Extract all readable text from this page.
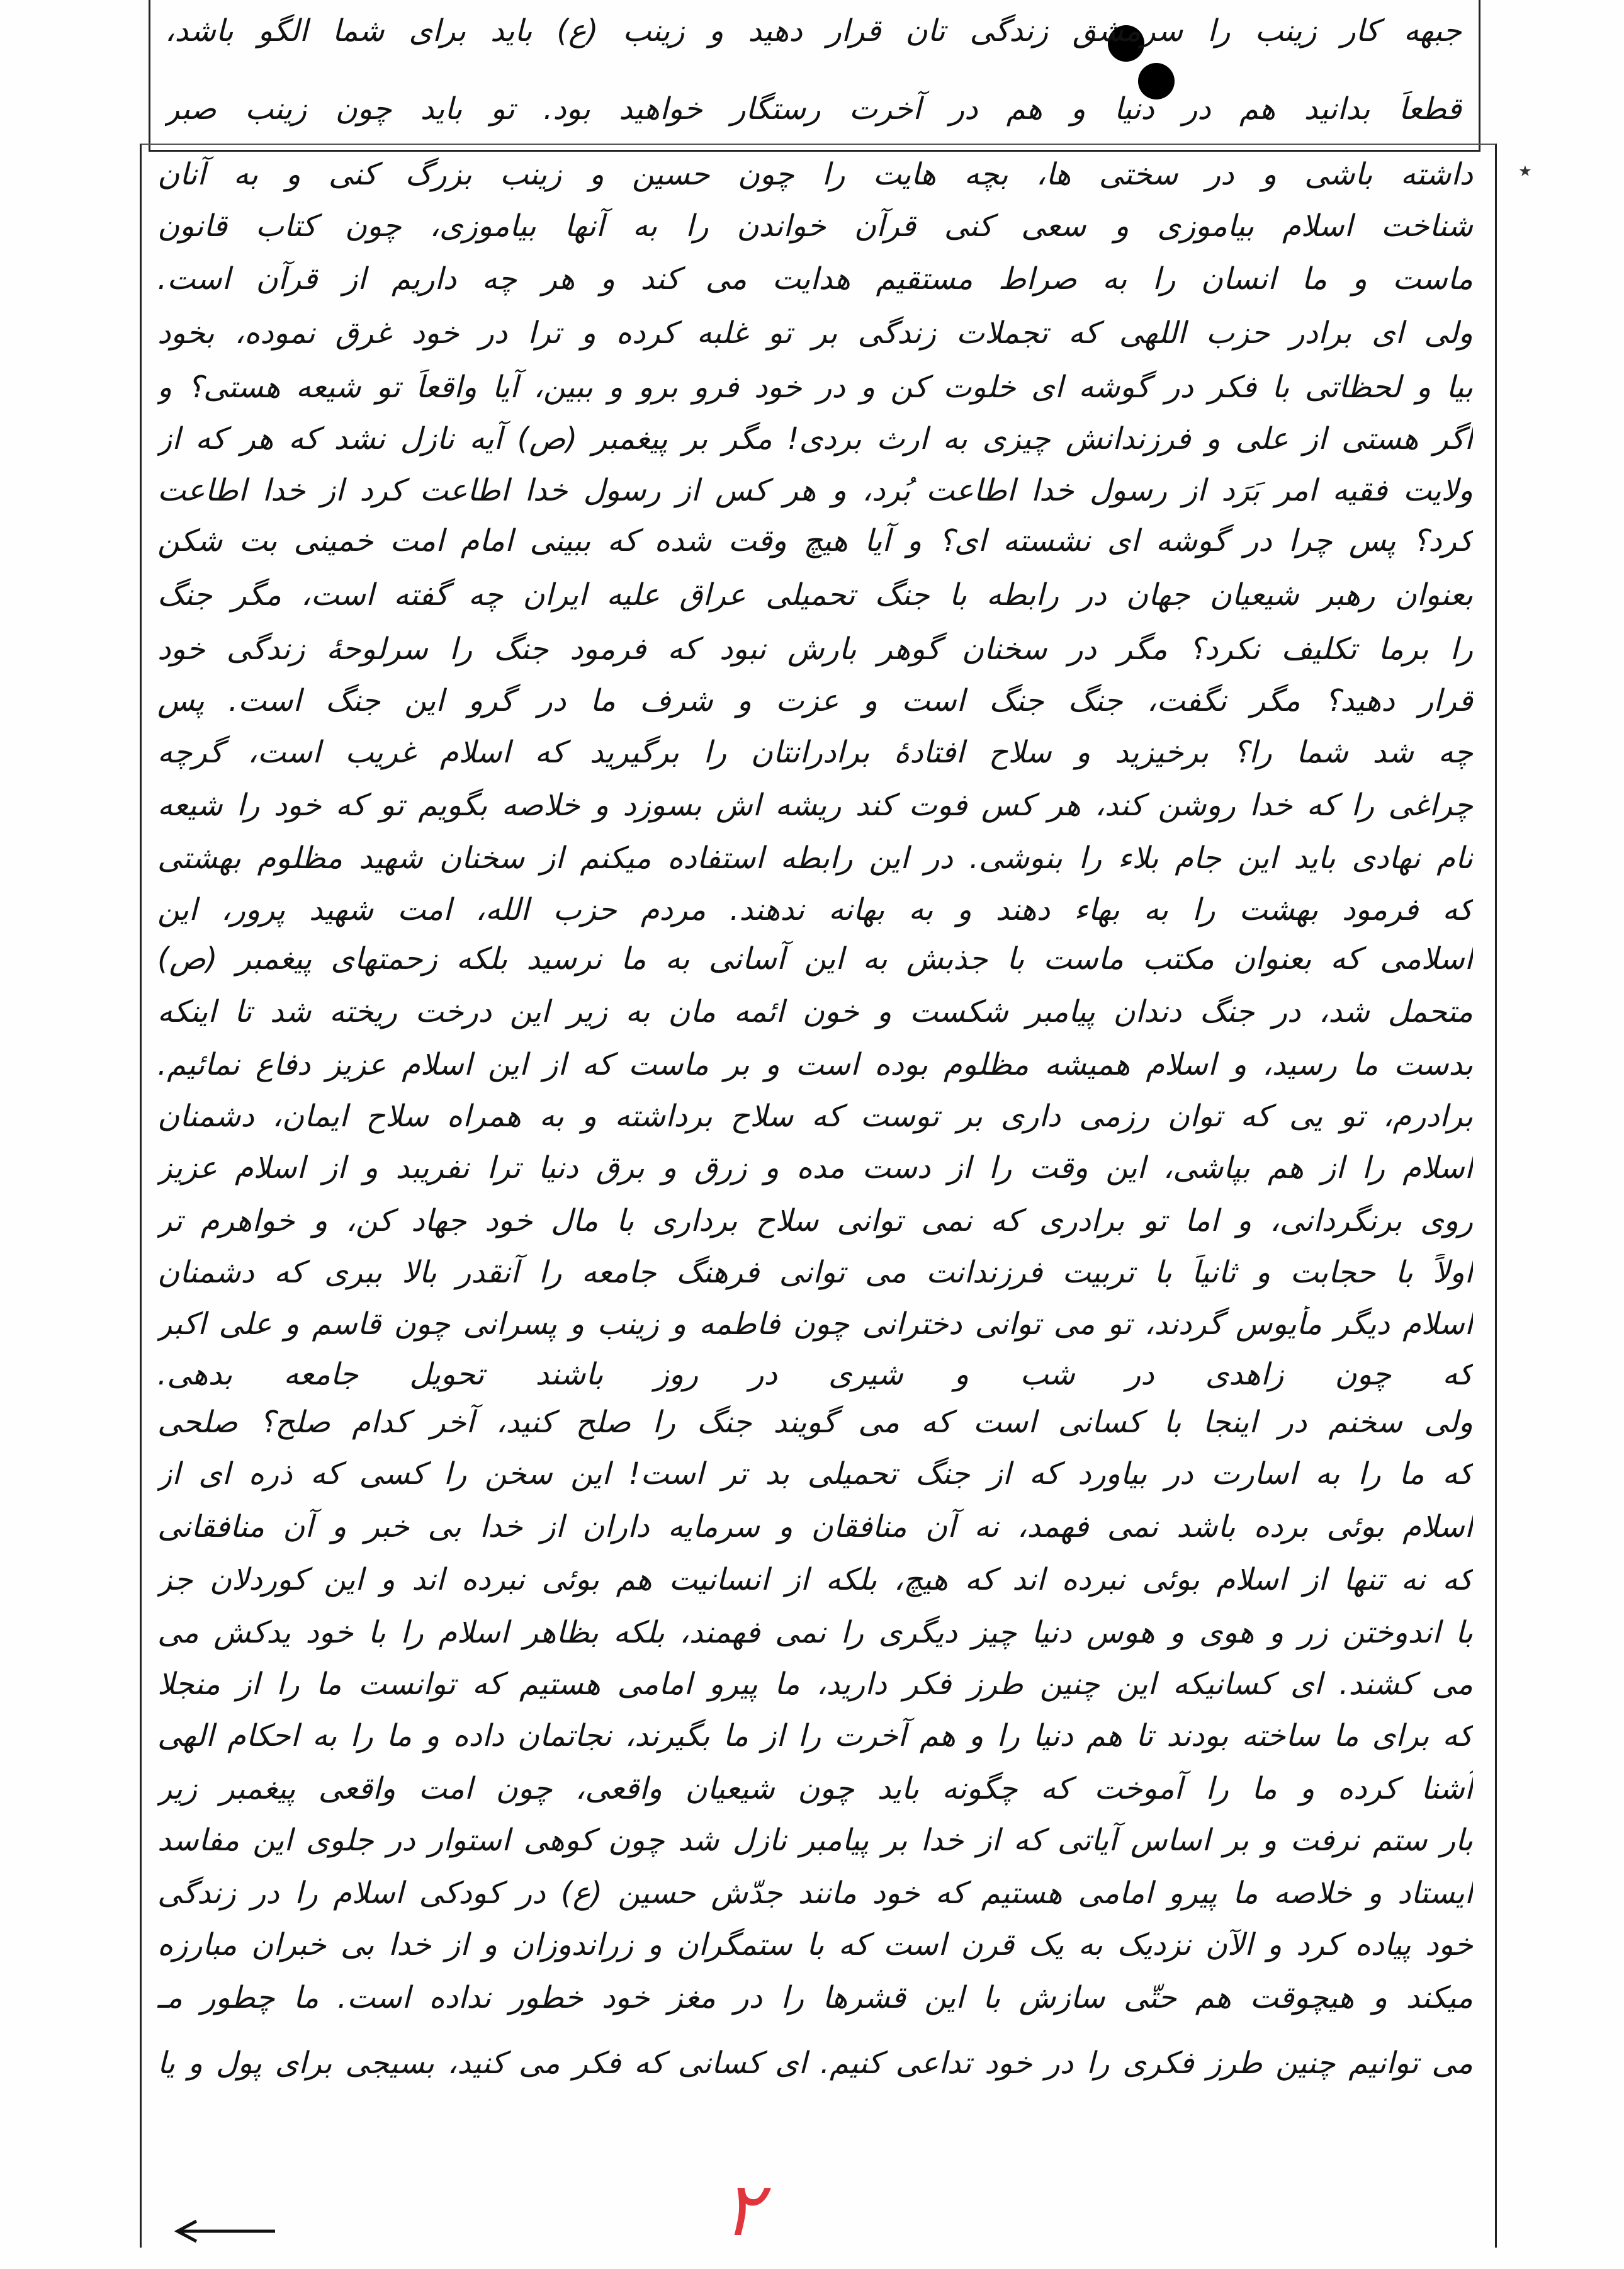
٭
جبهه کار زینب را سرمشق زندگی تان قرار دهید و زینب (ع) باید برای شما الگو باشد،
قطعاً بدانید هم در دنیا و هم در آخرت رستگار خواهید بود. تو باید چون زینب صبر
داشته باشی و در سختی ها، بچه هایت را چون حسین و زینب بزرگ کنی و به آنان
شناخت اسلام بیاموزی و سعی کنی قرآن خواندن را به آنها بیاموزی، چون کتاب قانون
ماست و ما انسان را به صراط مستقیم هدایت می کند و هر چه داریم از قرآن است.
ولی ای برادر حزب اللهی که تجملات زندگی بر تو غلبه کرده و ترا در خود غرق نموده، بخود
بیا و لحظاتی با فکر در گوشه ای خلوت کن و در خود فرو برو و ببین، آیا واقعاً تو شیعه هستی؟ و
اگر هستی از علی و فرزندانش چیزی به ارث بردی! مگر بر پیغمبر (ص) آیه نازل نشد که هر که از
ولایت فقیه امر بَرَد از رسول خدا اطاعت بُرد، و هر کس از رسول خدا اطاعت کرد از خدا اطاعت
کرد؟ پس چرا در گوشه ای نشسته ای؟ و آیا هیچ وقت شده که ببینی امام امت خمینی بت شکن
بعنوان رهبر شیعیان جهان در رابطه با جنگ تحمیلی عراق علیه ایران چه گفته است، مگر جنگ
را برما تکلیف نکرد؟ مگر در سخنان گوهر بارش نبود که فرمود جنگ را سرلوحهٔ زندگی خود
قرار دهید؟ مگر نگفت، جنگ جنگ است و عزت و شرف ما در گرو این جنگ است. پس
چه شد شما را؟ برخیزید و سلاح افتادهٔ برادرانتان را برگیرید که اسلام غریب است، گرچه
چراغی را که خدا روشن کند، هر کس فوت کند ریشه اش بسوزد و خلاصه بگویم تو که خود را شیعه
نام نهادی باید این جام بلاء را بنوشی. در این رابطه استفاده میکنم از سخنان شهید مظلوم بهشتی
که فرمود بهشت را به بهاء دهند و به بهانه ندهند. مردم حزب الله، امت شهید پرور، این
اسلامی که بعنوان مکتب ماست با جذبش به این آسانی به ما نرسید بلکه زحمتهای پیغمبر (ص)
متحمل شد، در جنگ دندان پیامبر شکست و خون ائمه مان به زیر این درخت ریخته شد تا اینکه
بدست ما رسید، و اسلام همیشه مظلوم بوده است و بر ماست که از این اسلام عزیز دفاع نمائیم.
برادرم، تو یی که توان رزمی داری بر توست که سلاح برداشته و به همراه سلاح ایمان، دشمنان
اسلام را از هم بپاشی، این وقت را از دست مده و زرق و برق دنیا ترا نفریبد و از اسلام عزیز
روی برنگردانی، و اما تو برادری که نمی توانی سلاح برداری با مال خود جهاد کن، و خواهرم تر
اولاً با حجابت و ثانیاً با تربیت فرزندانت می توانی فرهنگ جامعه را آنقدر بالا ببری که دشمنان
اسلام دیگر مأیوس گردند، تو می توانی دخترانی چون فاطمه و زینب و پسرانی چون قاسم و علی اکبر
که چون زاهدی در شب و شیری در روز باشند تحویل جامعه بدهی.
ولی سخنم در اینجا با کسانی است که می گویند جنگ را صلح کنید، آخر کدام صلح؟ صلحی
که ما را به اسارت در بیاورد که از جنگ تحمیلی بد تر است! این سخن را کسی که ذره ای از
اسلام بوئی برده باشد نمی فهمد، نه آن منافقان و سرمایه داران از خدا بی خبر و آن منافقانی
که نه تنها از اسلام بوئی نبرده اند که هیچ، بلکه از انسانیت هم بوئی نبرده اند و این کوردلان جز
با اندوختن زر و هوی و هوس دنیا چیز دیگری را نمی فهمند، بلکه بظاهر اسلام را با خود یدکش می
می کشند. ای کسانیکه این چنین طرز فکر دارید، ما پیرو امامی هستیم که توانست ما را از منجلا
که برای ما ساخته بودند تا هم دنیا را و هم آخرت را از ما بگیرند، نجاتمان داده و ما را به احکام الهی
آشنا کرده و ما را آموخت که چگونه باید چون شیعیان واقعی، چون امت واقعی پیغمبر زیر
بار ستم نرفت و بر اساس آیاتی که از خدا بر پیامبر نازل شد چون کوهی استوار در جلوی این مفاسد
ایستاد و خلاصه ما پیرو امامی هستیم که خود مانند جدّش حسین (ع) در کودکی اسلام را در زندگی
خود پیاده کرد و الآن نزدیک به یک قرن است که با ستمگران و زراندوزان و از خدا بی خبران مبارزه
میکند و هیچوقت هم حتّی سازش با این قشرها را در مغز خود خطور نداده است. ما چطور مـ
می توانیم چنین طرز فکری را در خود تداعی کنیم. ای کسانی که فکر می کنید، بسیجی برای پول و یا
۲
